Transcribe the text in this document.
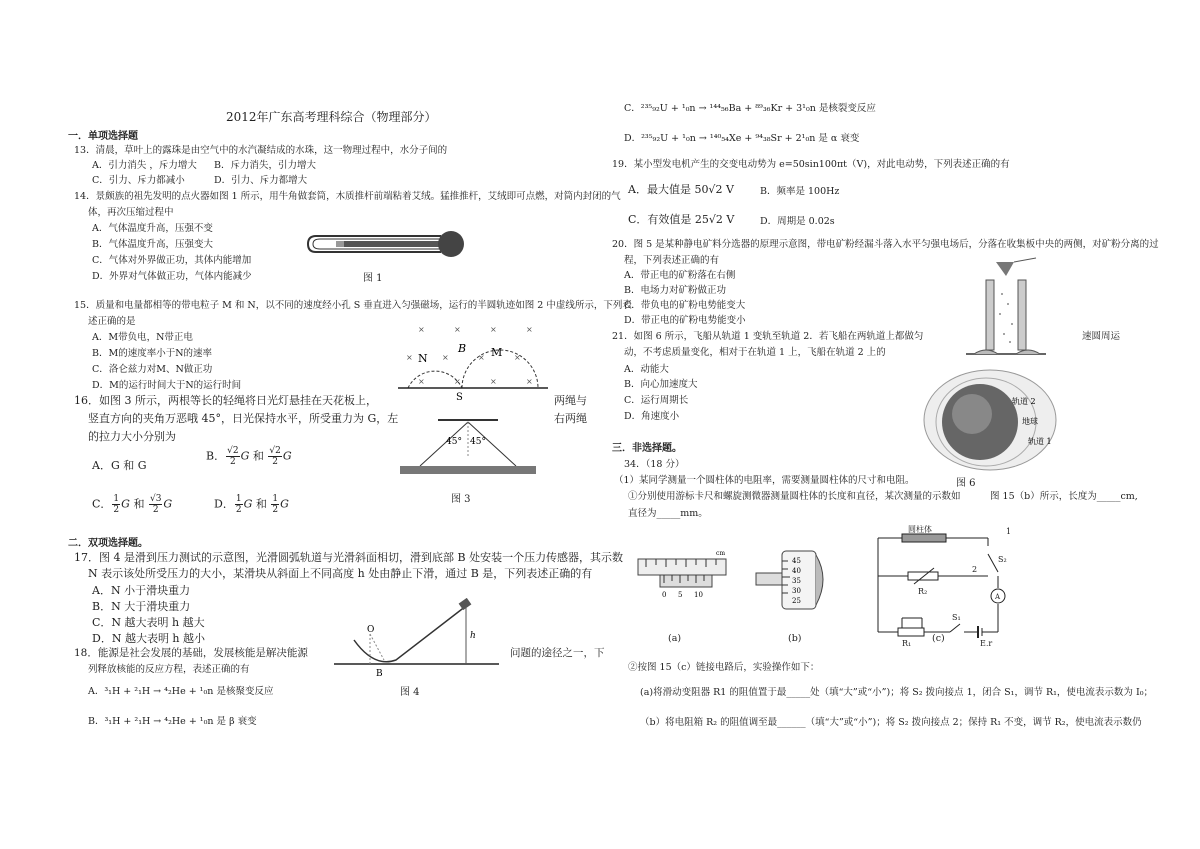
2012年广东高考理科综合（物理部分）
一．单项选择题
13．清晨，草叶上的露珠是由空气中的水汽凝结成的水珠，这一物理过程中，水分子间的
A．引力消失 ，斥力增大 B．斥力消失，引力增大
C．引力、斥力都减小	D．引力、斥力都增大
14．景颇族的祖先发明的点火器如图 1 所示，用牛角做套筒，木质推杆前端粘着艾绒。猛推推杆，艾绒即可点燃，对筒内封闭的气
体，再次压缩过程中
A．气体温度升高，压强不变
B．气体温度升高，压强变大
C．气体对外界做正功，其体内能增加
D．外界对气体做正功，气体内能减少	图 1
15．质量和电量都相等的带电粒子 M 和 N，以不同的速度经小孔 S 垂直进入匀强磁场，运行的半圆轨迹如图 2 中虚线所示，下列表
述正确的是
A．M带负电，N带正电
B．M的速度率小于N的速率
C．洛仑兹力对M、N做正功
D．M的运行时间大于N的运行时间
×	×	×	×
×	×	×	×
×	×	×	×
N
B M
S
16．如图 3 所示，两根等长的轻绳将日光灯悬挂在天花板上，	两绳与
竖直方向的夹角万恶哦 45°，日光保持水平，所受重力为 G，左	右两绳
的拉力大小分别为
A．G 和 G
B． $\frac{√2}{2}$ G 和 $\frac{√2}{2}$ G
C． $\frac{1}{2}$ G 和 $\frac{√3}{2}$ G	D． $\frac{1}{2}$ G 和 $\frac{1}{2}$ G
45° 45°
图 3
二．双项选择题。
17．图 4 是滑到压力测试的示意图，光滑圆弧轨道与光滑斜面相切，滑到底部 B 处安装一个压力传感器，其示数
N 表示该处所受压力的大小，某滑块从斜面上不同高度 h 处由静止下滑，通过 B 是，下列表述正确的有
A．N 小于滑块重力
B．N 大于滑块重力
C．N 越大表明 h 越大
D．N 越大表明 h 越小
O
B
h
18．能源是社会发展的基础，发展核能是解决能源	问题的途径之一，下
列释放核能的反应方程，表述正确的有
A．³₁H + ²₁H → ⁴₂He + ¹₀n 是核聚变反应	图 4
B．³₁H + ²₁H → ⁴₂He + ¹₀n 是 β 衰变
C．²³⁵₉₂U + ¹₀n → ¹⁴⁴₅₆Ba + ⁸⁹₃₆Kr + 3¹₀n 是核裂变反应
D．²³⁵₉₂U + ¹₀n → ¹⁴⁰₅₄Xe + ⁹⁴₃₈Sr + 2¹₀n 是 α 衰变
19．某小型发电机产生的交变电动势为 e=50sin100πt（V)，对此电动势，下列表述正确的有
A．最大值是 50√2 V	B．频率是 100Hz
C．有效值是 25√2 V	D．周期是 0.02s
20．图 5 是某种静电矿料分选器的原理示意图，带电矿粉经漏斗落入水平匀强电场后，分落在收集板中央的两侧，对矿粉分离的过
程，下列表述正确的有
A．带正电的矿粉落在右侧
B．电场力对矿粉做正功
C．带负电的矿粉电势能变大
D．带正电的矿粉电势能变小
21．如图 6 所示，飞船从轨道 1 变轨至轨道 2．若飞船在两轨道上都做匀	速圆周运
动，不考虑质量变化，相对于在轨道 1 上，飞船在轨道 2 上的
A．动能大
B．向心加速度大
C．运行周期长
D．角速度小
轨道 2
地球
轨道 1
图 6
三．非选择题。
34．（18 分）
（1）某同学测量一个圆柱体的电阻率，需要测量圆柱体的尺寸和电阻。
①分别使用游标卡尺和螺旋测微器测量圆柱体的长度和直径，某次测量的示数如	图 15（b）所示，长度为_____cm,
直径为_____mm。
cm
0 5 10
(a)
45
40
35
30
25
(b)
圆柱体	1
2
S₂
R₂
R₁
S₁
E,r
A
(c)
②按图 15（c）链接电路后，实验操作如下：
(a)将滑动变阻器 R1 的阻值置于最_____处（填“大”或“小”)；将 S₂ 拨向接点 1，闭合 S₁，调节 R₁，使电流表示数为 I₀；
（b）将电阻箱 R₂ 的阻值调至最______（填“大”或“小”)；将 S₂ 拨向接点 2；保持 R₁ 不变，调节 R₂，使电流表示数仍
